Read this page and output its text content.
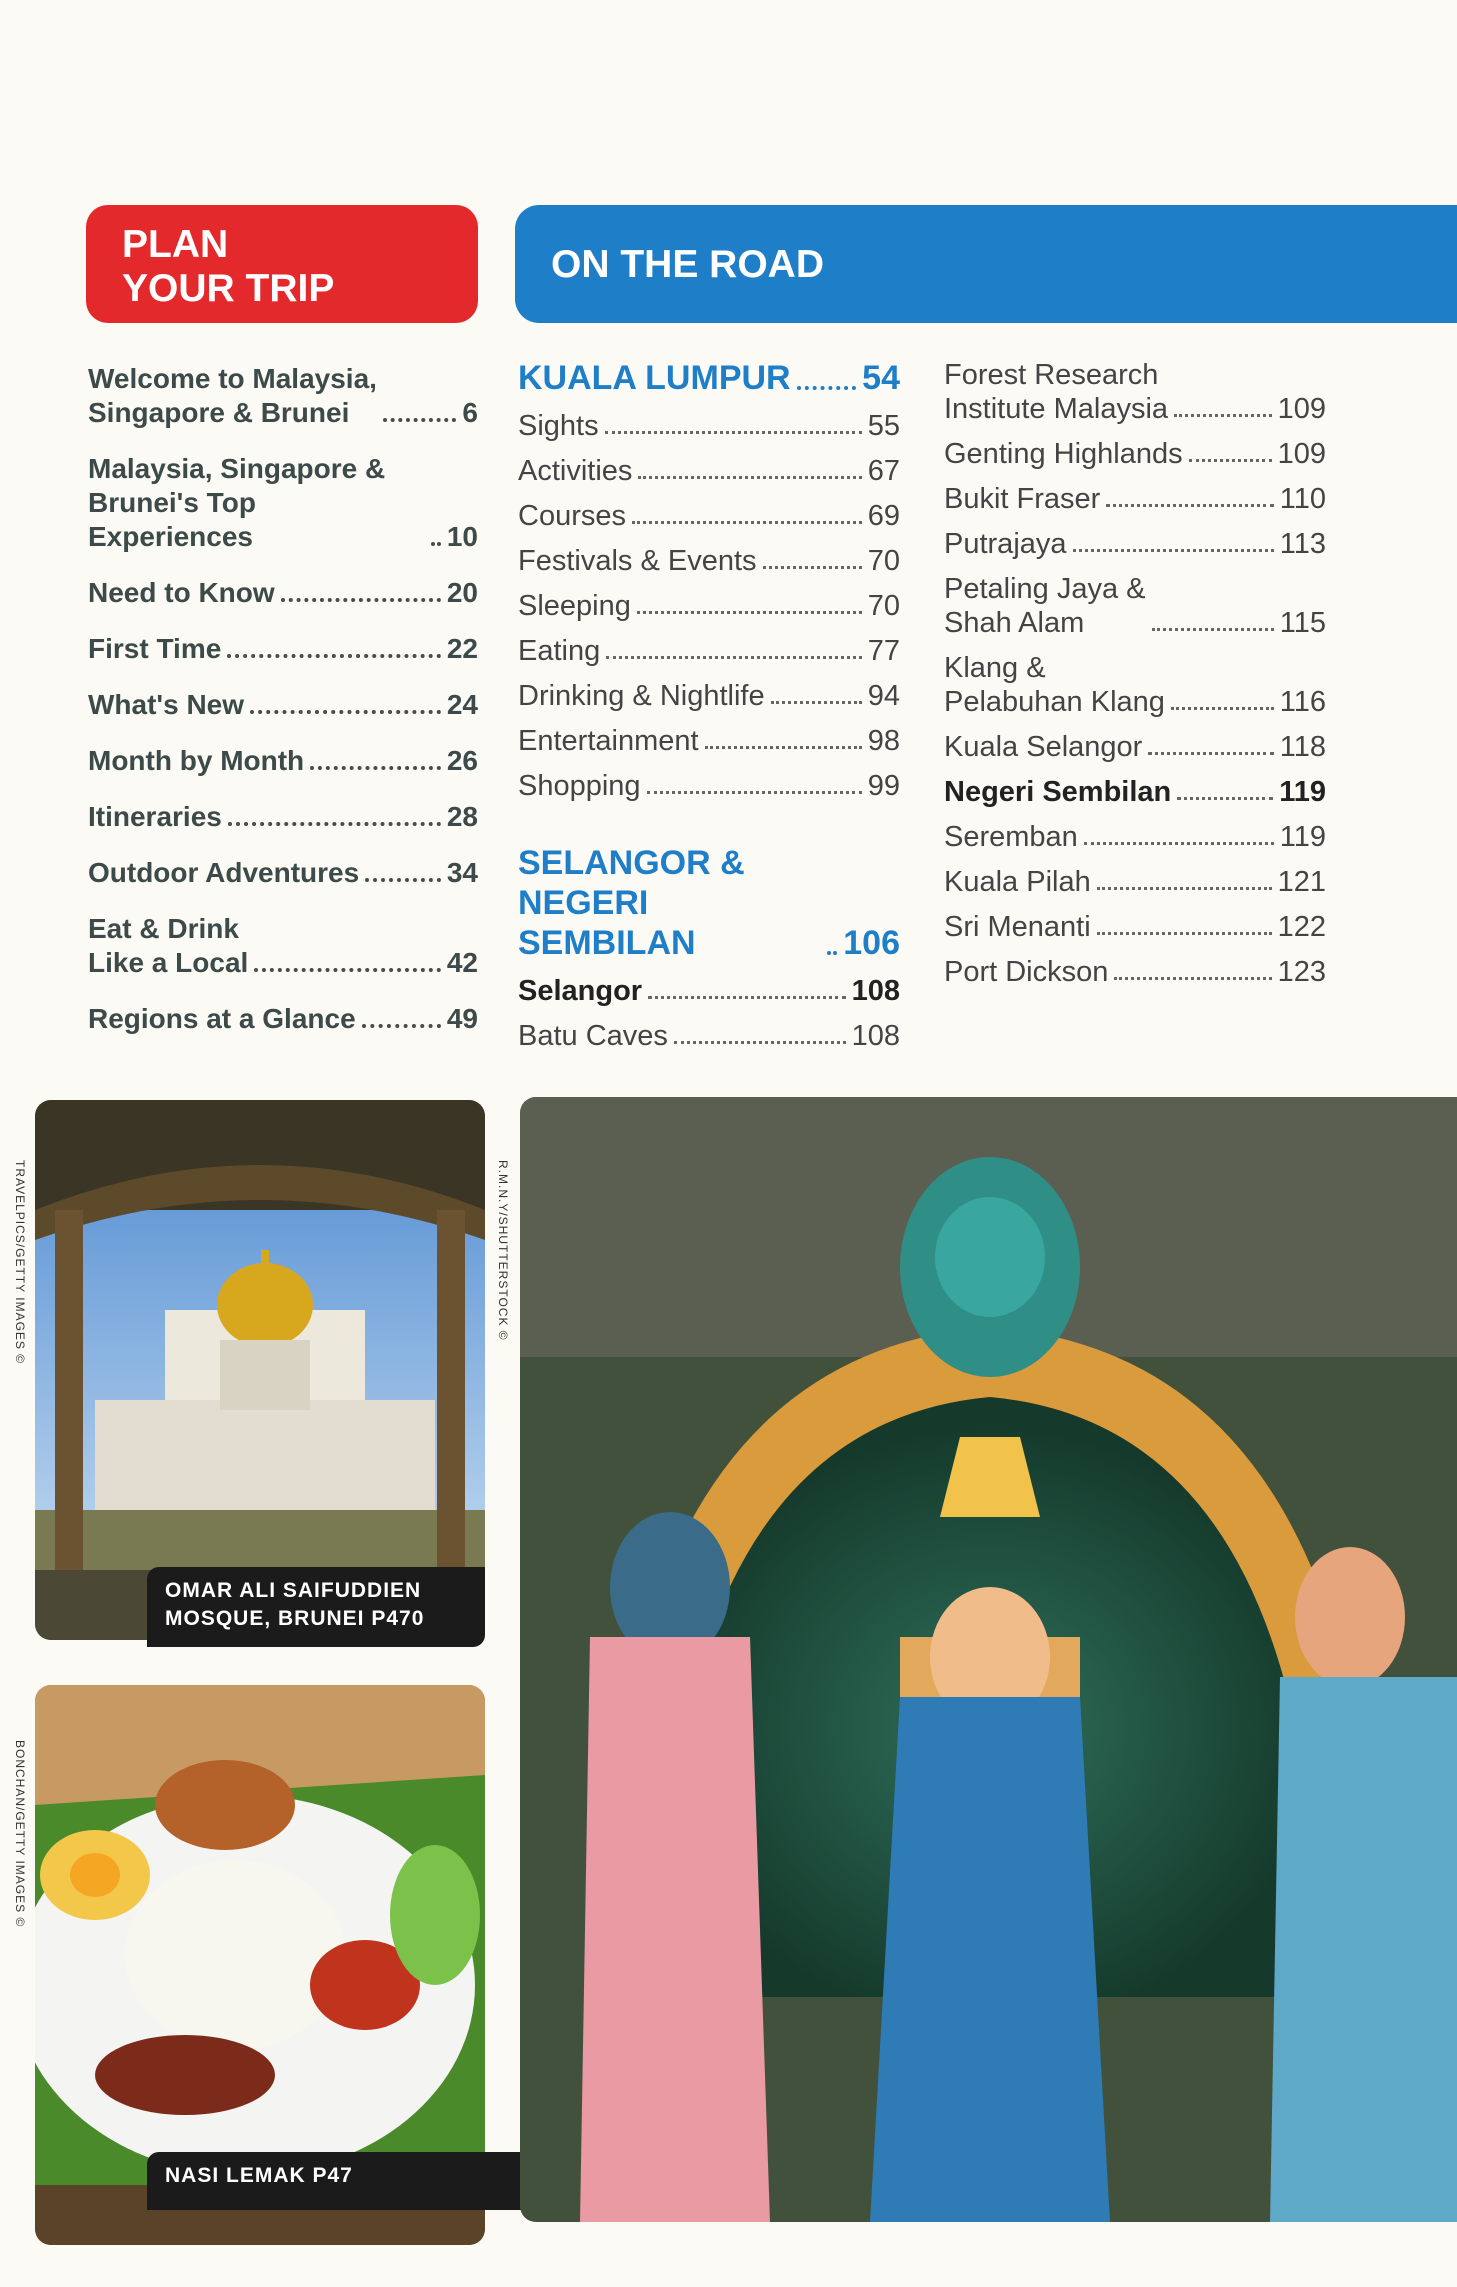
PLAN
YOUR TRIP
ON THE ROAD
Welcome to Malaysia,
Singapore & Brunei	6
Malaysia, Singapore &
Brunei's Top Experiences	10
Need to Know	20
First Time	22
What's New	24
Month by Month	26
Itineraries	28
Outdoor Adventures	34
Eat & Drink
Like a Local	42
Regions at a Glance	49
KUALA LUMPUR 54
Sights	55
Activities	67
Courses	69
Festivals & Events	70
Sleeping	70
Eating	77
Drinking & Nightlife	94
Entertainment	98
Shopping	99
SELANGOR & NEGERI
SEMBILAN	106
Selangor	108
Batu Caves	108
Forest Research
Institute Malaysia	109
Genting Highlands	109
Bukit Fraser	110
Putrajaya	113
Petaling Jaya &
Shah Alam	115
Klang &
Pelabuhan Klang	116
Kuala Selangor	118
Negeri Sembilan	119
Seremban	119
Kuala Pilah	121
Sri Menanti	122
Port Dickson	123
OMAR ALI SAIFUDDIEN
MOSQUE, BRUNEI P470
NASI LEMAK P47
TRAVELPICS/GETTY IMAGES ©
BONCHAN/GETTY IMAGES ©
R.M.N.Y/SHUTTERSTOCK ©
